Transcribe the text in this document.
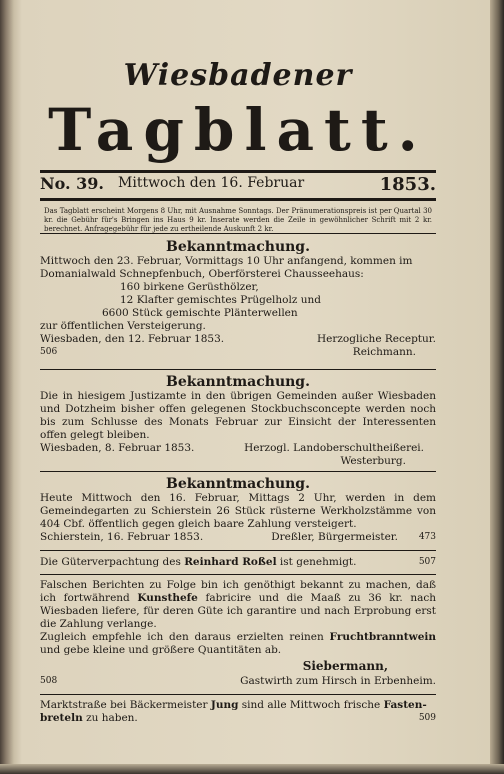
Wiesbadener
Tagblatt.
No. 39. Mittwoch den 16. Februar	1853.
Das Tagblatt erscheint Morgens 8 Uhr, mit Ausnahme Sonntags. Der Pränumerationspreis ist per Quartal 30 kr. die Gebühr für's Bringen ins Haus 9 kr. Inserate werden die Zeile in gewöhnlicher Schrift mit 2 kr. berechnet. Anfragegebühr für jede zu ertheilende Auskunft 2 kr.
Bekanntmachung.
Mittwoch den 23. Februar, Vormittags 10 Uhr anfangend, kommen im
Domanialwald Schnepfenbuch, Oberförsterei Chausseehaus:
160 birkene Gerüsthölzer,
12 Klafter gemischtes Prügelholz und
6600 Stück gemischte Plänterwellen
zur öffentlichen Versteigerung.
Wiesbaden, den 12. Februar 1853.	Herzogliche Receptur.
506	Reichmann.
Bekanntmachung.
Die in hiesigem Justizamte in den übrigen Gemeinden außer Wiesbaden und Dotzheim bisher offen gelegenen Stockbuchsconcepte werden noch bis zum Schlusse des Monats Februar zur Einsicht der Interessenten offen gelegt bleiben.
Wiesbaden, 8. Februar 1853.	Herzogl. Landoberschultheißerei.
Westerburg.
Bekanntmachung.
Heute Mittwoch den 16. Februar, Mittags 2 Uhr, werden in dem Gemeindegarten zu Schierstein 26 Stück rüsterne Werkholzstämme von 404 Cbf. öffentlich gegen gleich baare Zahlung versteigert.
Schierstein, 16. Februar 1853.	Dreßler, Bürgermeister. 473
Die Güterverpachtung des Reinhard Roßel ist genehmigt.	507
Falschen Berichten zu Folge bin ich genöthigt bekannt zu machen, daß ich fortwährend Kunsthefe fabricire und die Maaß zu 36 kr. nach Wiesbaden liefere, für deren Güte ich garantire und nach Erprobung erst die Zahlung verlange.
Zugleich empfehle ich den daraus erzielten reinen Fruchtbranntwein und gebe kleine und größere Quantitäten ab.
Siebermann,
508	Gastwirth zum Hirsch in Erbenheim.
Marktstraße bei Bäckermeister Jung sind alle Mittwoch frische Fasten-
breteln zu haben.	509
